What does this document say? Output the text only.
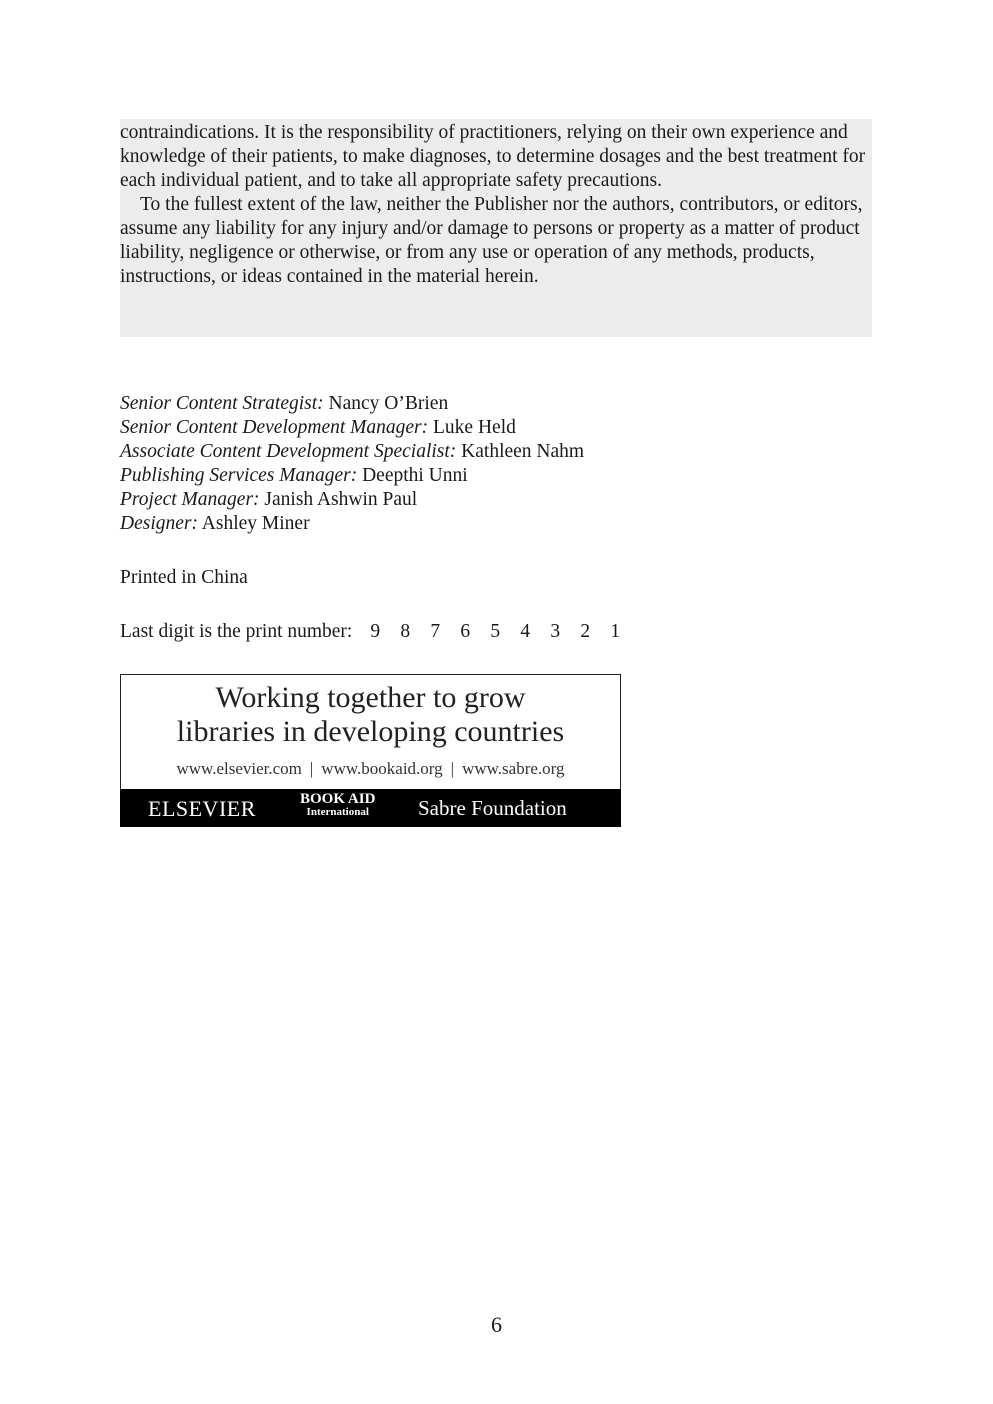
contraindications. It is the responsibility of practitioners, relying on their own experience and knowledge of their patients, to make diagnoses, to determine dosages and the best treatment for each individual patient, and to take all appropriate safety precautions.

To the fullest extent of the law, neither the Publisher nor the authors, contributors, or editors, assume any liability for any injury and/or damage to persons or property as a matter of product liability, negligence or otherwise, or from any use or operation of any methods, products, instructions, or ideas contained in the material herein.

Senior Content Strategist: Nancy O’Brien
Senior Content Development Manager: Luke Held
Associate Content Development Specialist: Kathleen Nahm
Publishing Services Manager: Deepthi Unni
Project Manager: Janish Ashwin Paul
Designer: Ashley Miner
Printed in China
Last digit is the print number: 9 8 7 6 5 4 3 2 1
Working together to grow
libraries in developing countries
www.elsevier.com | www.bookaid.org | www.sabre.org
ELSEVIER	BOOK AID
International	Sabre Foundation
6
